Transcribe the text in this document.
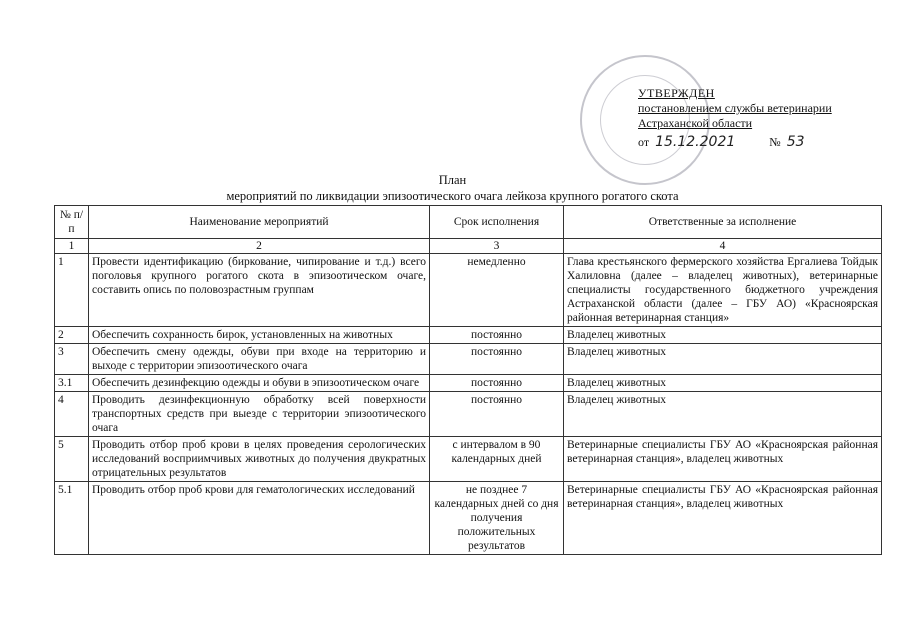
УТВЕРЖДЕН
постановлением службы ветеринарии
Астраханской области
от 15.12.2021	№ 53
План
мероприятий по ликвидации эпизоотического очага лейкоза крупного рогатого скота
№ п/п	Наименование мероприятий	Срок исполнения	Ответственные за исполнение
1	2	3	4
1	Провести идентификацию (биркование, чипирование и т.д.) всего поголовья крупного рогатого скота в эпизоотическом очаге, составить опись по половозрастным группам	немедленно	Глава крестьянского фермерского хозяйства Ергалиева Тойдык Халиловна (далее – владелец животных), ветеринарные специалисты государственного бюджетного учреждения Астраханской области (далее – ГБУ АО) «Красноярская районная ветеринарная станция»
2	Обеспечить сохранность бирок, установленных на животных	постоянно	Владелец животных
3	Обеспечить смену одежды, обуви при входе на территорию и выходе с территории эпизоотического очага	постоянно	Владелец животных
3.1	Обеспечить дезинфекцию одежды и обуви в эпизоотическом очаге	постоянно	Владелец животных
4	Проводить дезинфекционную обработку всей поверхности транспортных средств при выезде с территории эпизоотического очага	постоянно	Владелец животных
5	Проводить отбор проб крови в целях проведения серологических исследований восприимчивых животных до получения двукратных отрицательных результатов	с интервалом в 90 календарных дней	Ветеринарные специалисты ГБУ АО «Красноярская районная ветеринарная станция», владелец животных
5.1	Проводить отбор проб крови для гематологических исследований	не позднее 7 календарных дней со дня получения положительных результатов	Ветеринарные специалисты ГБУ АО «Красноярская районная ветеринарная станция», владелец животных
